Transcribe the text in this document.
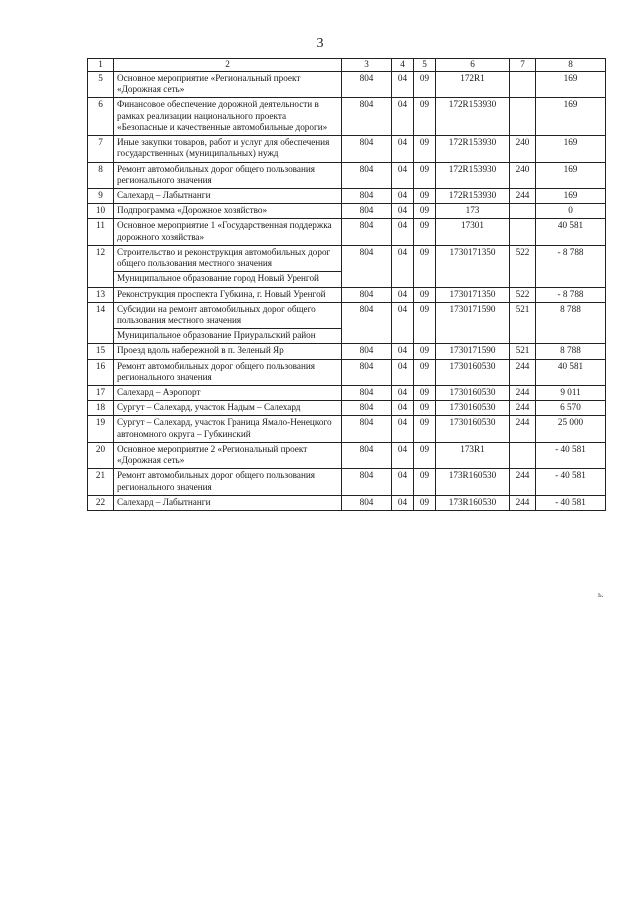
3
1	2	3	4	5	6	7	8
5	Основное мероприятие «Региональный проект «Дорожная сеть»	804	04	09	172R1		169
6	Финансовое обеспечение дорожной деятельности в рамках реализации национального проекта «Безопасные и качественные автомобильные дороги»	804	04	09	172R153930		169
7	Иные закупки товаров, работ и услуг для обеспечения государственных (муниципальных) нужд	804	04	09	172R153930	240	169
8	Ремонт автомобильных дорог общего пользования регионального значения	804	04	09	172R153930	240	169
9	Салехард – Лабытнанги	804	04	09	172R153930	244	169
10	Подпрограмма «Дорожное хозяйство»	804	04	09	173		0
11	Основное мероприятие 1 «Государственная поддержка дорожного хозяйства»	804	04	09	17301		40 581
12	Строительство и реконструкция автомобильных дорог общего пользования местного значения	804	04	09	1730171350	522	- 8 788
	Муниципальное образование город Новый Уренгой						
13	Реконструкция проспекта Губкина, г. Новый Уренгой	804	04	09	1730171350	522	- 8 788
14	Субсидии на ремонт автомобильных дорог общего пользования местного значения	804	04	09	1730171590	521	8 788
	Муниципальное образование Приуральский район						
15	Проезд вдоль набережной в п. Зеленый Яр	804	04	09	1730171590	521	8 788
16	Ремонт автомобильных дорог общего пользования регионального значения	804	04	09	1730160530	244	40 581
17	Салехард – Аэропорт	804	04	09	1730160530	244	9 011
18	Сургут – Салехард, участок Надым – Салехард	804	04	09	1730160530	244	6 570
19	Сургут – Салехард, участок Граница Ямало-Ненецкого автономного округа – Губкинский	804	04	09	1730160530	244	25 000
20	Основное мероприятие 2 «Региональный проект «Дорожная сеть»	804	04	09	173R1		- 40 581
21	Ремонт автомобильных дорог общего пользования регионального значения	804	04	09	173R160530	244	- 40 581
22	Салехард – Лабытнанги	804	04	09	173R160530	244	- 40 581
ь.
